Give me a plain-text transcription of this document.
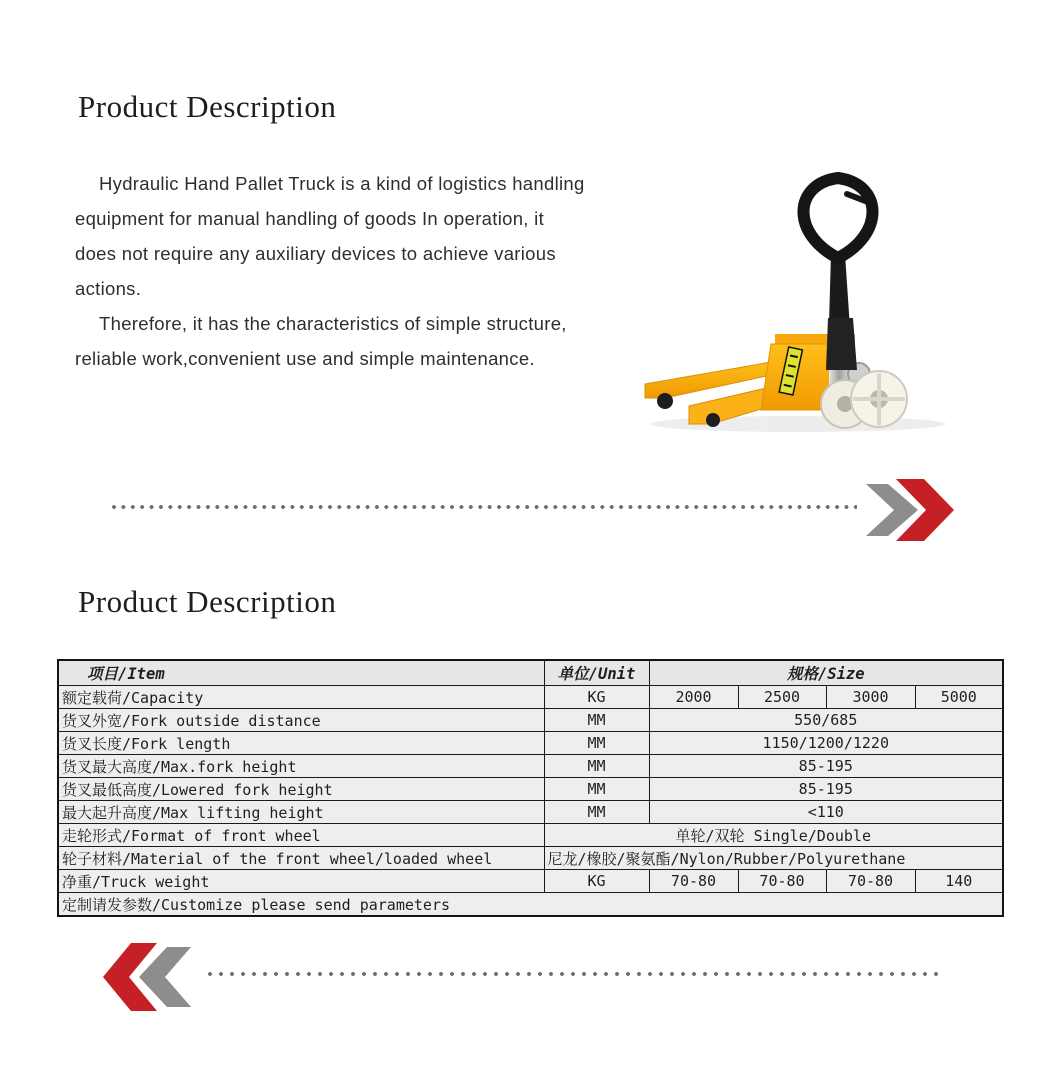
Product Description

Hydraulic Hand Pallet Truck is a kind of logistics handling equipment for manual handling of goods In operation, it does not require any auxiliary devices to achieve various actions.

Therefore, it has the characteristics of simple structure, reliable work,convenient use and simple maintenance.

Product Description
项目/Item	单位/Unit	规格/Size			
额定载荷/Capacity	KG	2000	2500	3000	5000
货叉外宽/Fork outside distance	MM	550/685			
货叉长度/Fork length	MM	1150/1200/1220			
货叉最大高度/Max.fork height	MM	85-195			
货叉最低高度/Lowered fork height	MM	85-195			
最大起升高度/Max lifting height	MM	<110			
走轮形式/Format of front wheel	单轮/双轮 Single/Double				
轮子材料/Material of the front wheel/loaded wheel	尼龙/橡胶/聚氨酯/Nylon/Rubber/Polyurethane				
净重/Truck weight	KG	70-80	70-80	70-80	140
定制请发参数/Customize please send parameters					
